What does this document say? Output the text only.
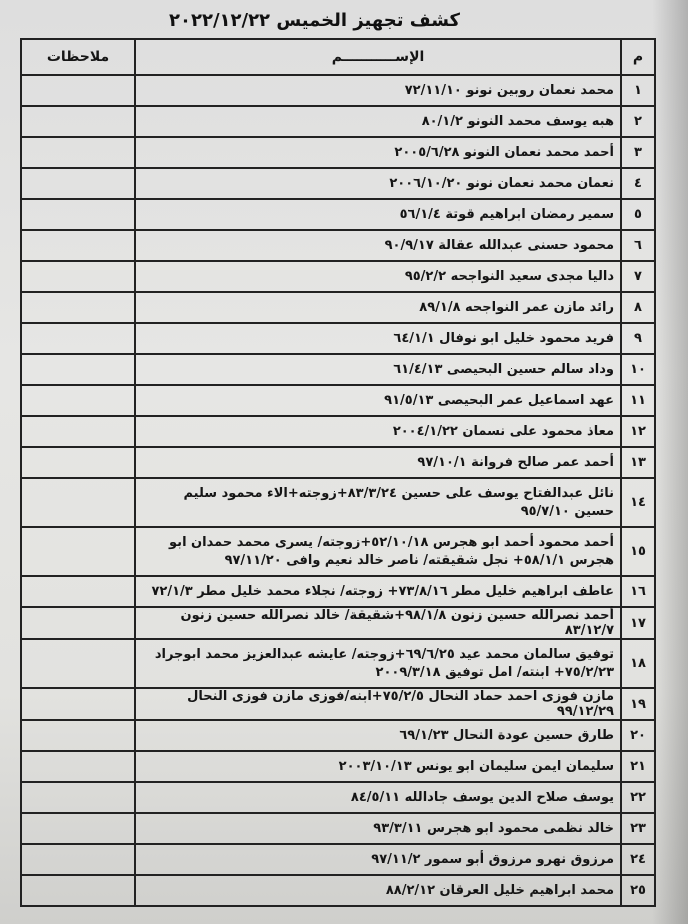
كشف تجهيز الخميس ٢٠٢٢/١٢/٢٢
م	الإســـــــــــم	ملاحظات
١	محمد نعمان روبين نونو ٧٢/١١/١٠	
٢	هبه يوسف محمد النونو ٨٠/١/٢	
٣	أحمد محمد نعمان النونو ٢٠٠٥/٦/٢٨	
٤	نعمان محمد نعمان نونو ٢٠٠٦/١٠/٢٠	
٥	سمير رمضان ابراهيم قوتة ٥٦/١/٤	
٦	محمود حسنى عبدالله عقالة ٩٠/٩/١٧	
٧	داليا مجدى سعيد النواجحه ٩٥/٢/٢	
٨	رائد مازن عمر النواجحه ٨٩/١/٨	
٩	فريد محمود خليل ابو نوفال ٦٤/١/١	
١٠	وداد سالم حسين البحيصى ٦١/٤/١٣	
١١	عهد اسماعيل عمر البحيصى ٩١/٥/١٣	
١٢	معاذ محمود على نسمان ٢٠٠٤/١/٢٢	
١٣	أحمد عمر صالح فروانة ٩٧/١٠/١	
١٤	نائل عبدالفتاح يوسف على حسين ٨٣/٣/٢٤+زوجته+الاء محمود سليم حسين ٩٥/٧/١٠	
١٥	أحمد محمود أحمد ابو هجرس ٥٢/١٠/١٨+زوجته/ يسرى محمد حمدان ابو هجرس ٥٨/١/١+ نجل شقيقته/ ناصر خالد نعيم وافى ٩٧/١١/٢٠	
١٦	عاطف ابراهيم خليل مطر ٧٣/٨/١٦+ زوجته/ نجلاء محمد خليل مطر ٧٢/١/٣	
١٧	أحمد نصرالله حسين زنون ٩٨/١/٨+شقيقة/ خالد نصرالله حسين زنون ٨٣/١٢/٧	
١٨	توفيق سالمان محمد عيد ٦٩/٦/٢٥+زوجته/ عايشه عبدالعزيز محمد ابوجراد ٧٥/٢/٢٣+ ابنته/ امل توفيق ٢٠٠٩/٣/١٨	
١٩	مازن فوزى احمد حماد النحال ٧٥/٢/٥+ابنه/فوزى مازن فوزى النحال ٩٩/١٢/٢٩	
٢٠	طارق حسين عودة النحال ٦٩/١/٢٣	
٢١	سليمان ايمن سليمان ابو يونس ٢٠٠٣/١٠/١٣	
٢٢	يوسف صلاح الدين يوسف جادالله ٨٤/٥/١١	
٢٣	خالد نظمى محمود ابو هجرس ٩٣/٣/١١	
٢٤	مرزوق نهرو مرزوق أبو سمور ٩٧/١١/٢	
٢٥	محمد ابراهيم خليل العرقان ٨٨/٢/١٢	
